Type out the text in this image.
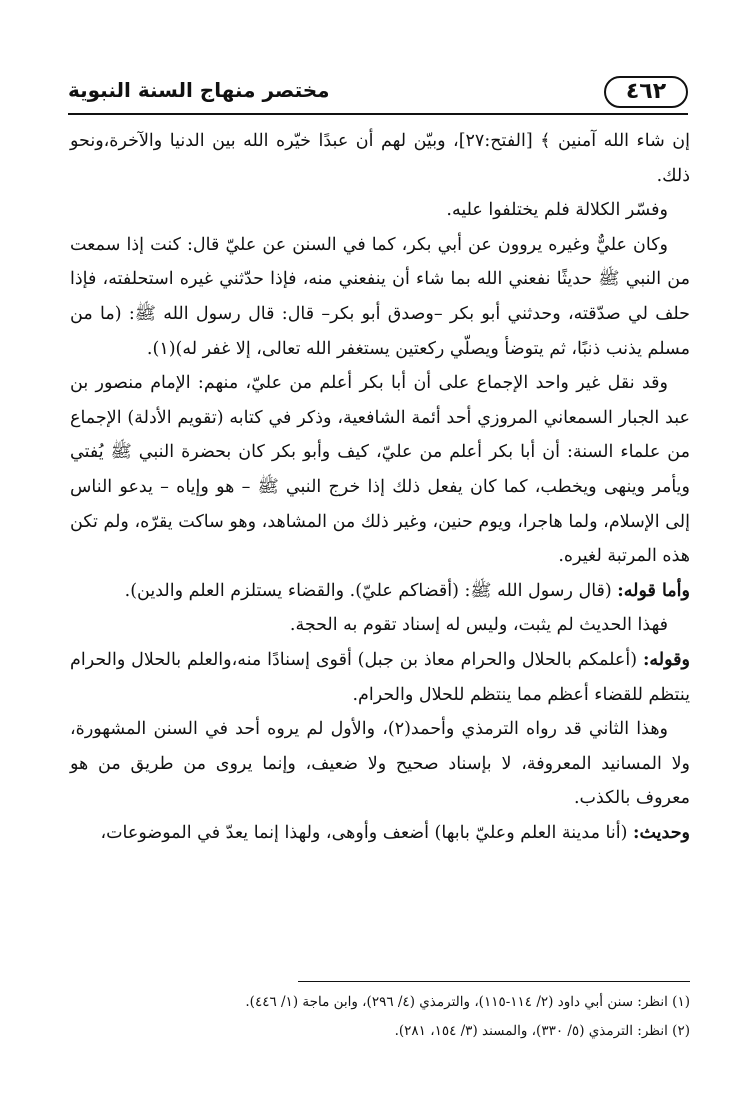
٤٦٢
مختصر منهاج السنة النبوية

إن شاء الله آمنين ﴾ [الفتح:٢٧]، وبيّن لهم أن عبدًا خيّره الله بين الدنيا والآخرة،ونحو ذلك.

وفسّر الكلالة فلم يختلفوا عليه.

وكان عليٌّ وغيره يروون عن أبي بكر، كما في السنن عن عليّ قال: كنت إذا سمعت من النبي ﷺ حديثًا نفعني الله بما شاء أن ينفعني منه، فإذا حدّثني غيره استحلفته، فإذا حلف لي صدّقته، وحدثني أبو بكر –وصدق أبو بكر– قال: قال رسول الله ﷺ: (ما من مسلم يذنب ذنبًا، ثم يتوضأ ويصلّي ركعتين يستغفر الله تعالى، إلا غفر له)(١).

وقد نقل غير واحد الإجماع على أن أبا بكر أعلم من عليّ، منهم: الإمام منصور بن عبد الجبار السمعاني المروزي أحد أئمة الشافعية، وذكر في كتابه (تقويم الأدلة) الإجماع من علماء السنة: أن أبا بكر أعلم من عليّ، كيف وأبو بكر كان بحضرة النبي ﷺ يُفتي ويأمر وينهى ويخطب، كما كان يفعل ذلك إذا خرج النبي ﷺ – هو وإياه – يدعو الناس إلى الإسلام، ولما هاجرا، ويوم حنين، وغير ذلك من المشاهد، وهو ساكت يقرّه، ولم تكن هذه المرتبة لغيره.

وأما قوله: (قال رسول الله ﷺ: (أقضاكم عليّ). والقضاء يستلزم العلم والدين).

فهذا الحديث لم يثبت، وليس له إسناد تقوم به الحجة.

وقوله: (أعلمكم بالحلال والحرام معاذ بن جبل) أقوى إسنادًا منه،والعلم بالحلال والحرام ينتظم للقضاء أعظم مما ينتظم للحلال والحرام.

وهذا الثاني قد رواه الترمذي وأحمد(٢)، والأول لم يروه أحد في السنن المشهورة، ولا المسانيد المعروفة، لا بإسناد صحيح ولا ضعيف، وإنما يروى من طريق من هو معروف بالكذب.

وحديث: (أنا مدينة العلم وعليّ بابها) أضعف وأوهى، ولهذا إنما يعدّ في الموضوعات،

(١) انظر: سنن أبي داود (٢/ ١١٤-١١٥)، والترمذي (٤/ ٢٩٦)، وابن ماجة (١/ ٤٤٦).

(٢) انظر: الترمذي (٥/ ٣٣٠)، والمسند (٣/ ١٥٤، ٢٨١).
